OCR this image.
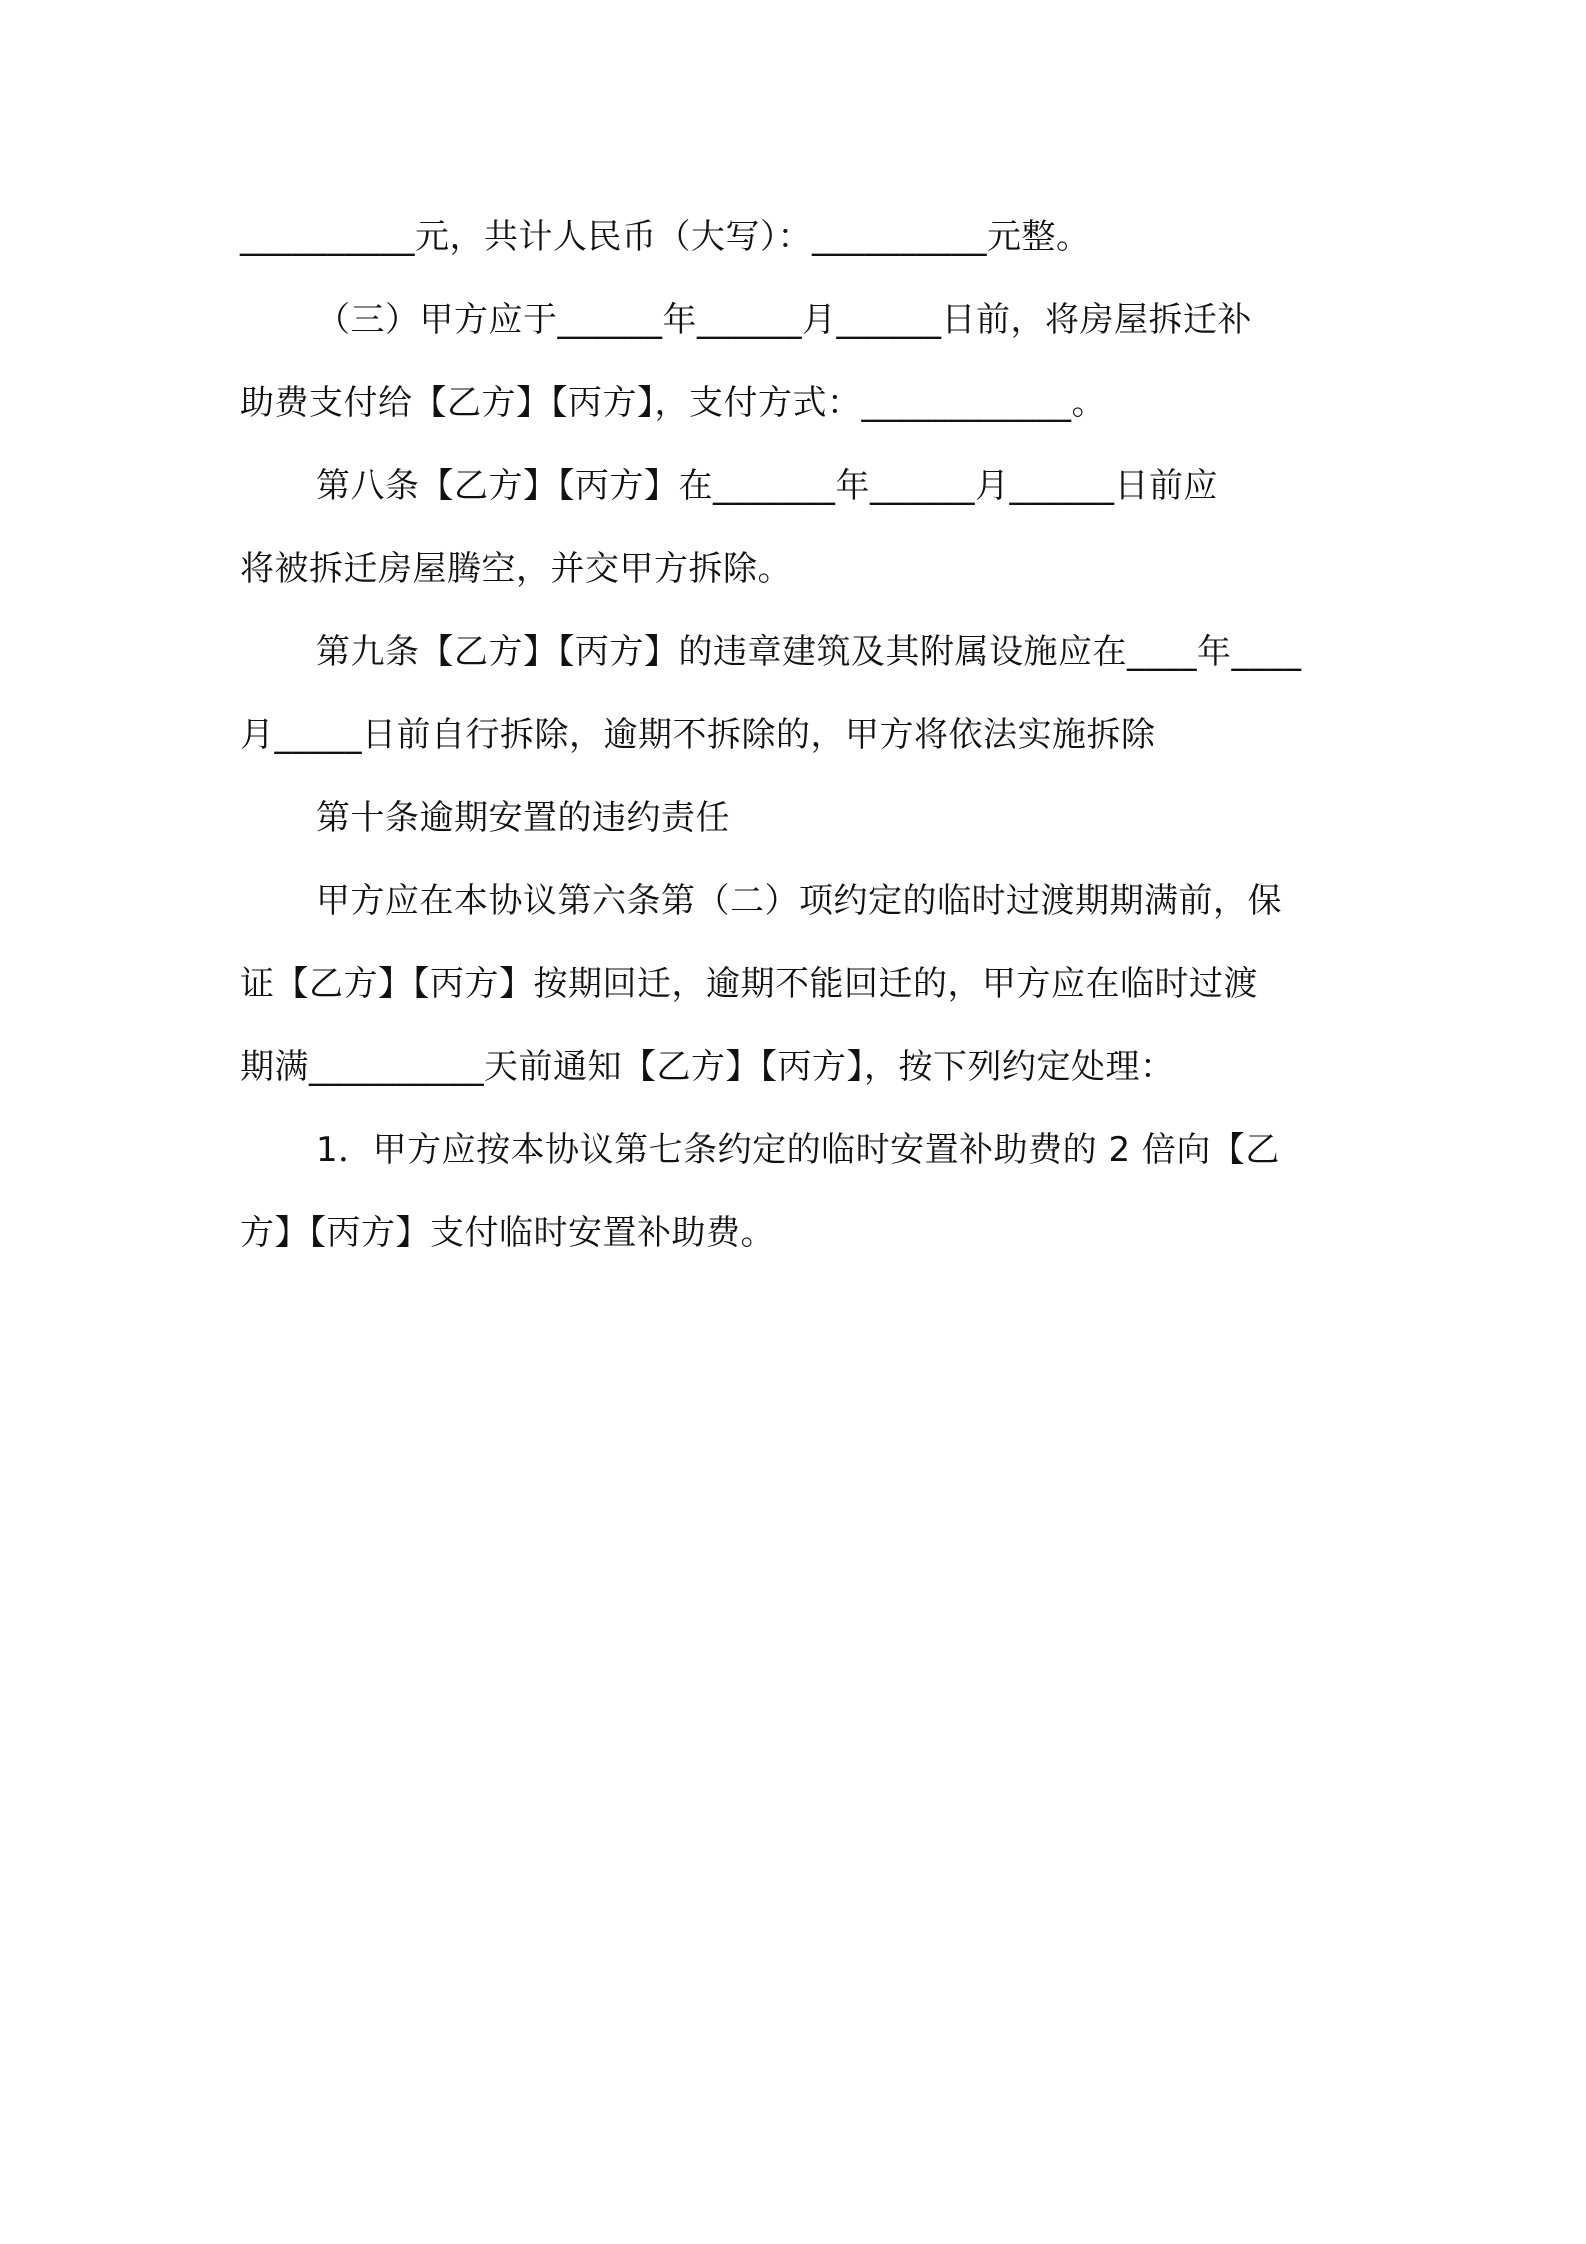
__________元，共计人民币（大写）：__________元整。
（三）甲方应于______年______月______日前，将房屋拆迁补
助费支付给【乙方】【丙方】，支付方式：____________。
第八条【乙方】【丙方】在_______年______月______日前应
将被拆迁房屋腾空，并交甲方拆除。
第九条【乙方】【丙方】的违章建筑及其附属设施应在____年____
月_____日前自行拆除，逾期不拆除的，甲方将依法实施拆除
第十条逾期安置的违约责任
甲方应在本协议第六条第（二）项约定的临时过渡期期满前，保
证【乙方】【丙方】按期回迁，逾期不能回迁的，甲方应在临时过渡
期满__________天前通知【乙方】【丙方】，按下列约定处理：
1．甲方应按本协议第七条约定的临时安置补助费的 2 倍向【乙
方】【丙方】支付临时安置补助费。
